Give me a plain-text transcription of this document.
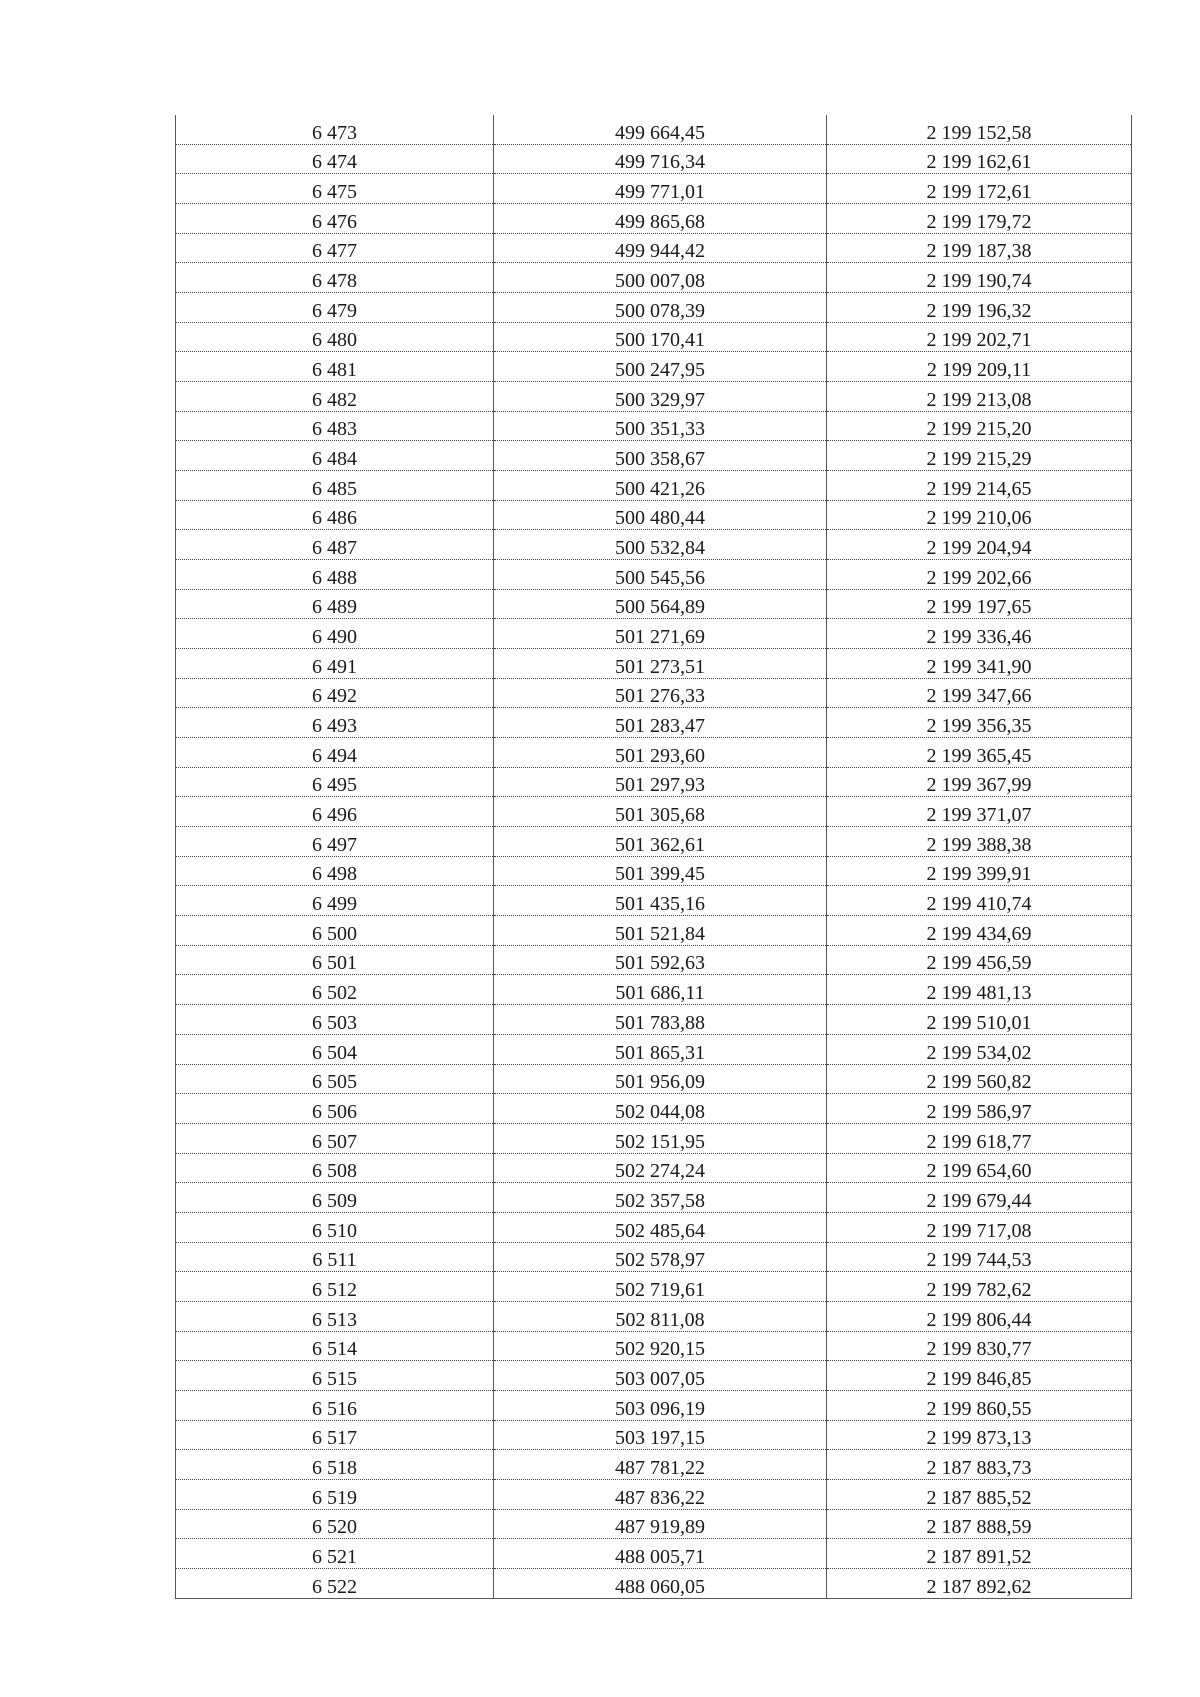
6 473	499 664,45	2 199 152,58
6 474	499 716,34	2 199 162,61
6 475	499 771,01	2 199 172,61
6 476	499 865,68	2 199 179,72
6 477	499 944,42	2 199 187,38
6 478	500 007,08	2 199 190,74
6 479	500 078,39	2 199 196,32
6 480	500 170,41	2 199 202,71
6 481	500 247,95	2 199 209,11
6 482	500 329,97	2 199 213,08
6 483	500 351,33	2 199 215,20
6 484	500 358,67	2 199 215,29
6 485	500 421,26	2 199 214,65
6 486	500 480,44	2 199 210,06
6 487	500 532,84	2 199 204,94
6 488	500 545,56	2 199 202,66
6 489	500 564,89	2 199 197,65
6 490	501 271,69	2 199 336,46
6 491	501 273,51	2 199 341,90
6 492	501 276,33	2 199 347,66
6 493	501 283,47	2 199 356,35
6 494	501 293,60	2 199 365,45
6 495	501 297,93	2 199 367,99
6 496	501 305,68	2 199 371,07
6 497	501 362,61	2 199 388,38
6 498	501 399,45	2 199 399,91
6 499	501 435,16	2 199 410,74
6 500	501 521,84	2 199 434,69
6 501	501 592,63	2 199 456,59
6 502	501 686,11	2 199 481,13
6 503	501 783,88	2 199 510,01
6 504	501 865,31	2 199 534,02
6 505	501 956,09	2 199 560,82
6 506	502 044,08	2 199 586,97
6 507	502 151,95	2 199 618,77
6 508	502 274,24	2 199 654,60
6 509	502 357,58	2 199 679,44
6 510	502 485,64	2 199 717,08
6 511	502 578,97	2 199 744,53
6 512	502 719,61	2 199 782,62
6 513	502 811,08	2 199 806,44
6 514	502 920,15	2 199 830,77
6 515	503 007,05	2 199 846,85
6 516	503 096,19	2 199 860,55
6 517	503 197,15	2 199 873,13
6 518	487 781,22	2 187 883,73
6 519	487 836,22	2 187 885,52
6 520	487 919,89	2 187 888,59
6 521	488 005,71	2 187 891,52
6 522	488 060,05	2 187 892,62
